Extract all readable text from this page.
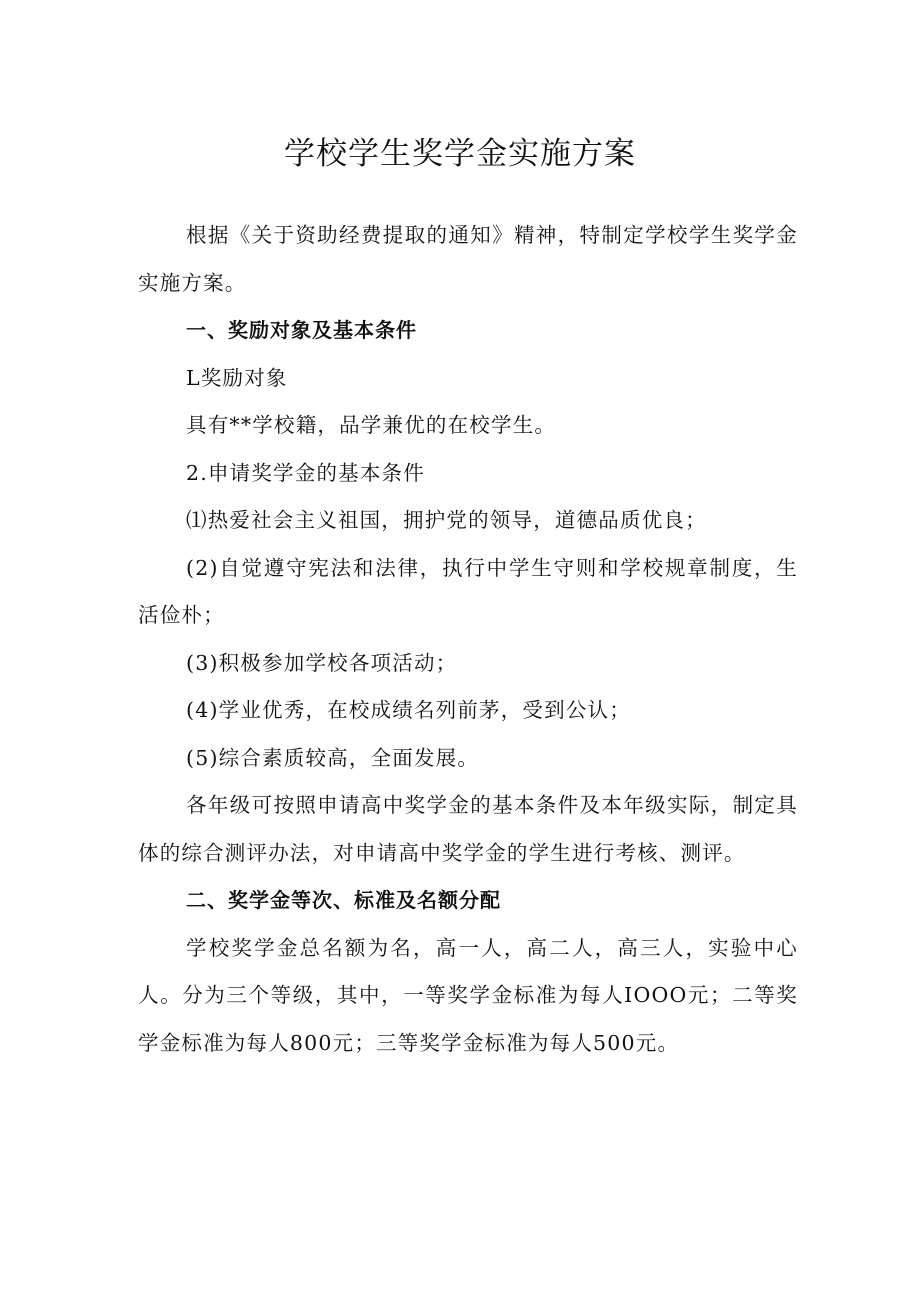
学校学生奖学金实施方案

根据《关于资助经费提取的通知》精神，特制定学校学生奖学金实施方案。

一、奖励对象及基本条件

L奖励对象

具有**学校籍，品学兼优的在校学生。

2.申请奖学金的基本条件

⑴热爱社会主义祖国，拥护党的领导，道德品质优良；

(2)自觉遵守宪法和法律，执行中学生守则和学校规章制度，生活俭朴；

(3)积极参加学校各项活动；

(4)学业优秀，在校成绩名列前茅，受到公认；

(5)综合素质较高，全面发展。

各年级可按照申请高中奖学金的基本条件及本年级实际，制定具体的综合测评办法，对申请高中奖学金的学生进行考核、测评。

二、奖学金等次、标准及名额分配

学校奖学金总名额为名，高一人，高二人，高三人，实验中心人。分为三个等级，其中，一等奖学金标准为每人IOOO元；二等奖学金标准为每人800元；三等奖学金标准为每人500元。
